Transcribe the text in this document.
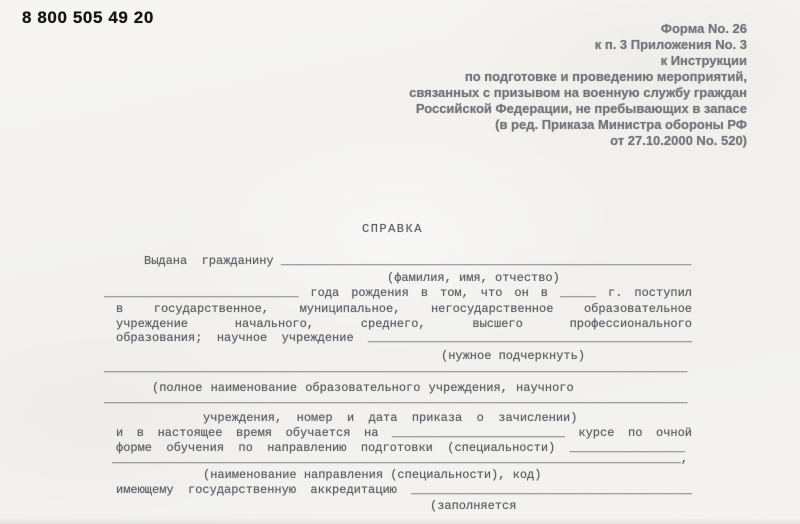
8 800 505 49 20
Форма No. 26
к п. 3 Приложения No. 3
к Инструкции
по подготовке и проведению мероприятий,
связанных с призывом на военную службу граждан
Российской Федерации, не пребывающих в запасе
(в ред. Приказа Министра обороны РФ
от 27.10.2000 No. 520)
СПРАВКА
Выдана  гражданину _________________________________________________________
(фамилия, имя, отчество)
___________________________ года рождения в том, что он в _____ г. поступил
в государственное, муниципальное, негосударственное образовательное
учреждение начального, среднего, высшего профессионального
образования;  научное  учреждение  _____________________________________________
(нужное подчеркнуть)
_________________________________________________________________________________
(полное наименование образовательного учреждения, научного
_________________________________________________________________________________
учреждения,  номер  и  дата  приказа  о  зачислении)
и в настоящее время обучается на ________________________ курсе по очной
форме  обучения  по  направлению  подготовки  (специальности)  ________________
_______________________________________________________________________________,
(наименование направления (специальности), код)
имеющему  государственную  аккредитацию  _______________________________________
(заполняется
